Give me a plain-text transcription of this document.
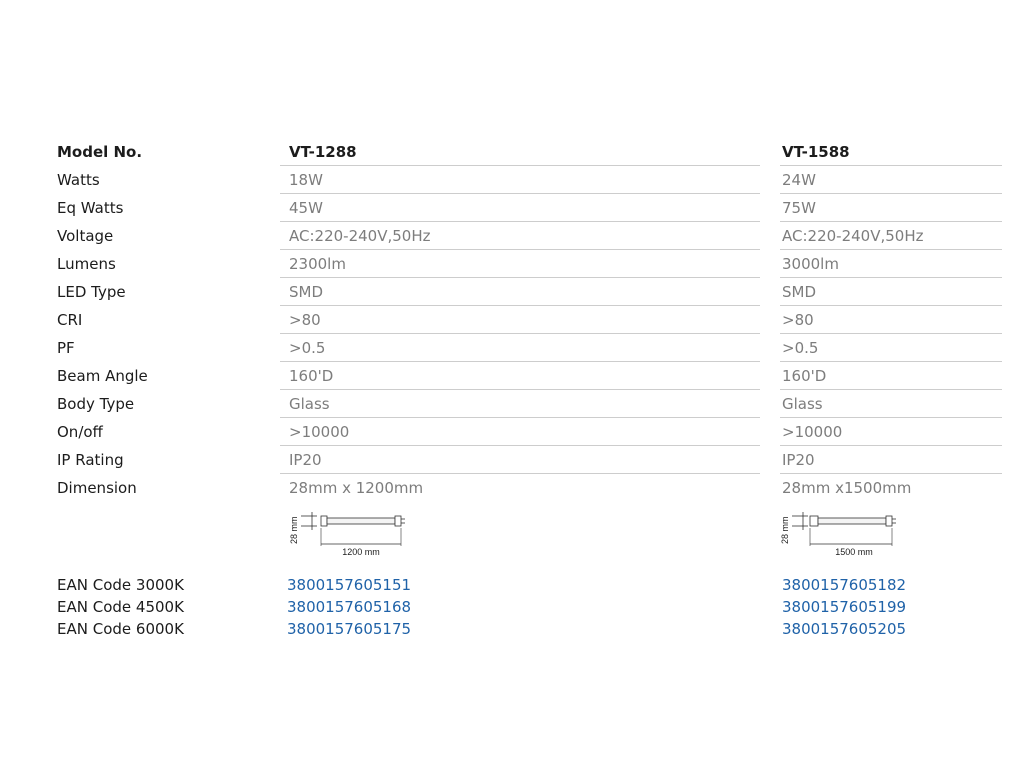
Model No.	VT-1288	VT-1588
Watts	18W	24W
Eq Watts	45W	75W
Voltage	AC:220-240V,50Hz	AC:220-240V,50Hz
Lumens	2300lm	3000lm
LED Type	SMD	SMD
CRI	>80	>80
PF	>0.5	>0.5
Beam Angle	160'D	160'D
Body Type	Glass	Glass
On/off	>10000	>10000
IP Rating	IP20	IP20
Dimension	28mm x 1200mm	28mm x1500mm
28 mm
1200 mm
28 mm
1500 mm
EAN Code 3000K	3800157605151	3800157605182
EAN Code 4500K	3800157605168	3800157605199
EAN Code 6000K	3800157605175	3800157605205
